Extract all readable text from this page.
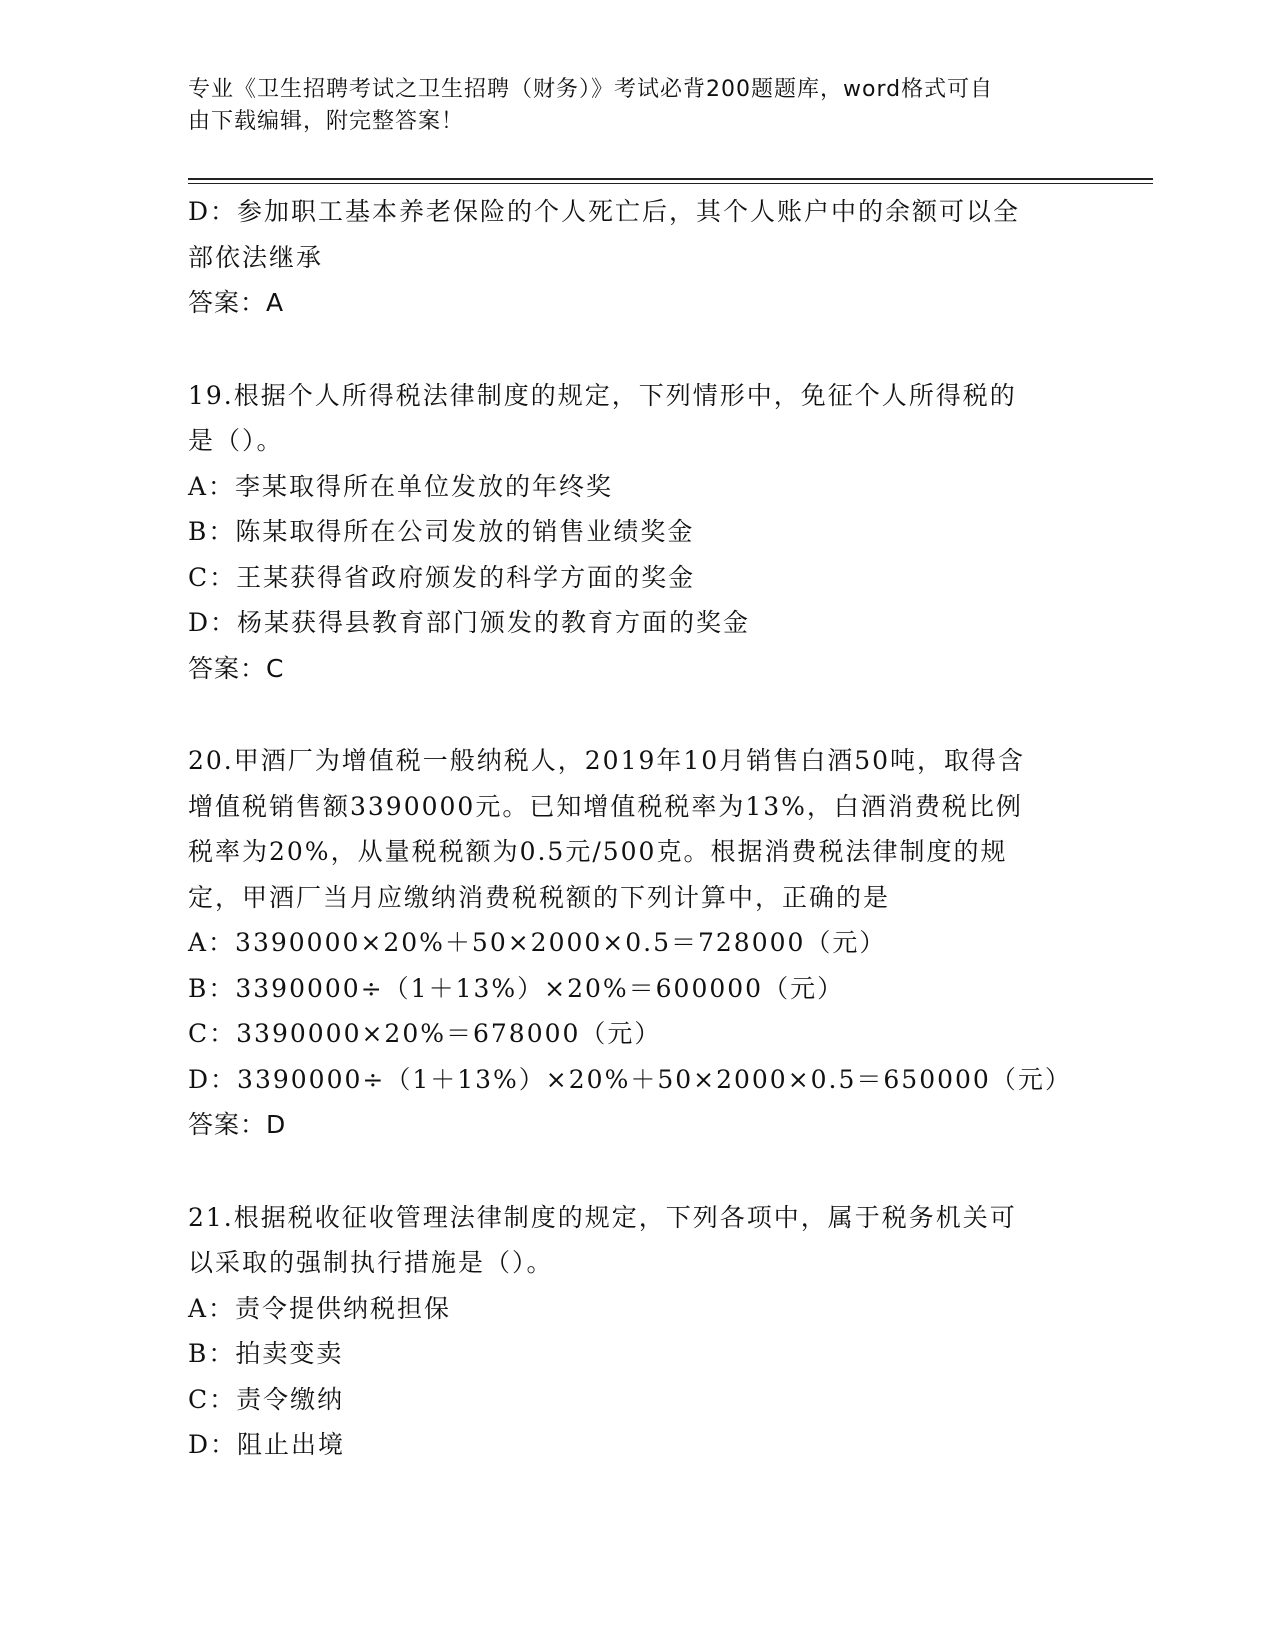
专业《卫生招聘考试之卫生招聘（财务）》考试必背200题题库，word格式可自
由下载编辑，附完整答案！
D：参加职工基本养老保险的个人死亡后，其个人账户中的余额可以全
部依法继承
答案：A
19.根据个人所得税法律制度的规定，下列情形中，免征个人所得税的
是（）。
A：李某取得所在单位发放的年终奖
B：陈某取得所在公司发放的销售业绩奖金
C：王某获得省政府颁发的科学方面的奖金
D：杨某获得县教育部门颁发的教育方面的奖金
答案：C
20.甲酒厂为增值税一般纳税人，2019年10月销售白酒50吨，取得含
增值税销售额3390000元。已知增值税税率为13%，白酒消费税比例
税率为20%，从量税税额为0.5元/500克。根据消费税法律制度的规
定，甲酒厂当月应缴纳消费税税额的下列计算中，正确的是
A：3390000×20%＋50×2000×0.5＝728000（元）
B：3390000÷（1＋13%）×20%＝600000（元）
C：3390000×20%＝678000（元）
D：3390000÷（1＋13%）×20%＋50×2000×0.5＝650000（元）
答案：D
21.根据税收征收管理法律制度的规定，下列各项中，属于税务机关可
以采取的强制执行措施是（）。
A：责令提供纳税担保
B：拍卖变卖
C：责令缴纳
D：阻止出境
